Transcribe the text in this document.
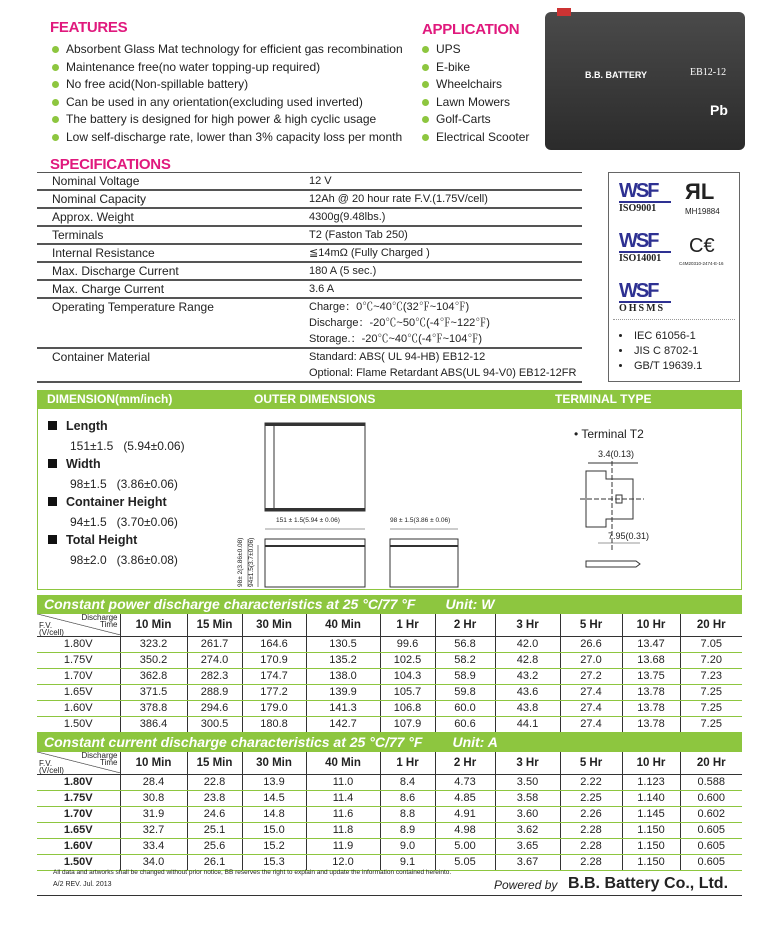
FEATURES
Absorbent Glass Mat technology for efficient gas recombination
Maintenance free(no water topping-up required)
No free acid(Non-spillable battery)
Can be used in any orientation(excluding used inverted)
The battery is designed for high power & high cyclic usage
Low self-discharge rate, lower than 3% capacity loss per month
APPLICATION
UPS
E-bike
Wheelchairs
Lawn Mowers
Golf-Carts
Electrical Scooter
B.B. BATTERY	EB12-12
Pb
SPECIFICATIONS
Nominal Voltage	12 V

Nominal Capacity	12Ah @ 20 hour rate F.V.(1.75V/cell)

Approx. Weight	4300g(9.48lbs.)

Terminals	T2 (Faston Tab 250)

Internal Resistance	≦14mΩ (Fully Charged )

Max. Discharge Current	180 A (5 sec.)

Max. Charge Current	3.6 A

Operating Temperature Range	Charge：0℃~40℃(32℉~104℉)
Discharge：-20℃~50℃(-4℉~122℉)
Storage.：-20℃~40℃(-4℉~104℉)

Container Material	Standard: ABS( UL 94-HB) EB12-12
Optional: Flame Retardant ABS(UL 94-V0) EB12-12FR
WSF
ISO9001
ЯL
MH19884
WSF
ISO14001
C€
C4M20310-2474-E-16
WSF
OHSMS
• IEC 61056-1
• JIS C 8702-1
• GB/T 19639.1
DIMENSION(mm/inch)	OUTER DIMENSIONS	TERMINAL TYPE
Length
151±1.5 (5.94±0.06)
Width
98±1.5 (3.86±0.06)
Container Height
94±1.5 (3.70±0.06)
Total Height
98±2.0 (3.86±0.08)
151 ± 1.5(5.94 ± 0.06)	98 ± 1.5(3.86 ± 0.06)
98± 2(3.86±0.08) 94±1.5(3.7±0.06)
• Terminal T2
3.4(0.13)
7.95(0.31)
Constant power discharge characteristics at 25 °C/77 °F Unit: W
Discharge
Time
F.V.
(V/cell)	10 Min	15 Min	30 Min	40 Min	1 Hr	2 Hr	3 Hr	5 Hr	10 Hr	20 Hr
1.80V	323.2	261.7	164.6	130.5	99.6	56.8	42.0	26.6	13.47	7.05
1.75V	350.2	274.0	170.9	135.2	102.5	58.2	42.8	27.0	13.68	7.20
1.70V	362.8	282.3	174.7	138.0	104.3	58.9	43.2	27.2	13.75	7.23
1.65V	371.5	288.9	177.2	139.9	105.7	59.8	43.6	27.4	13.78	7.25
1.60V	378.8	294.6	179.0	141.3	106.8	60.0	43.8	27.4	13.78	7.25
1.50V	386.4	300.5	180.8	142.7	107.9	60.6	44.1	27.4	13.78	7.25
Constant current discharge characteristics at 25 °C/77 °F Unit: A
Discharge
Time
F.V.
(V/cell)	10 Min	15 Min	30 Min	40 Min	1 Hr	2 Hr	3 Hr	5 Hr	10 Hr	20 Hr
1.80V	28.4	22.8	13.9	11.0	8.4	4.73	3.50	2.22	1.123	0.588
1.75V	30.8	23.8	14.5	11.4	8.6	4.85	3.58	2.25	1.140	0.600
1.70V	31.9	24.6	14.8	11.6	8.8	4.91	3.60	2.26	1.145	0.602
1.65V	32.7	25.1	15.0	11.8	8.9	4.98	3.62	2.28	1.150	0.605
1.60V	33.4	25.6	15.2	11.9	9.0	5.00	3.65	2.28	1.150	0.605
1.50V	34.0	26.1	15.3	12.0	9.1	5.05	3.67	2.28	1.150	0.605
All data and artworks shall be changed without prior notice, BB reserves the right to explain and update the information contained hereinto.
A/2 REV. Jul. 2013	Powered by B.B. Battery Co., Ltd.
